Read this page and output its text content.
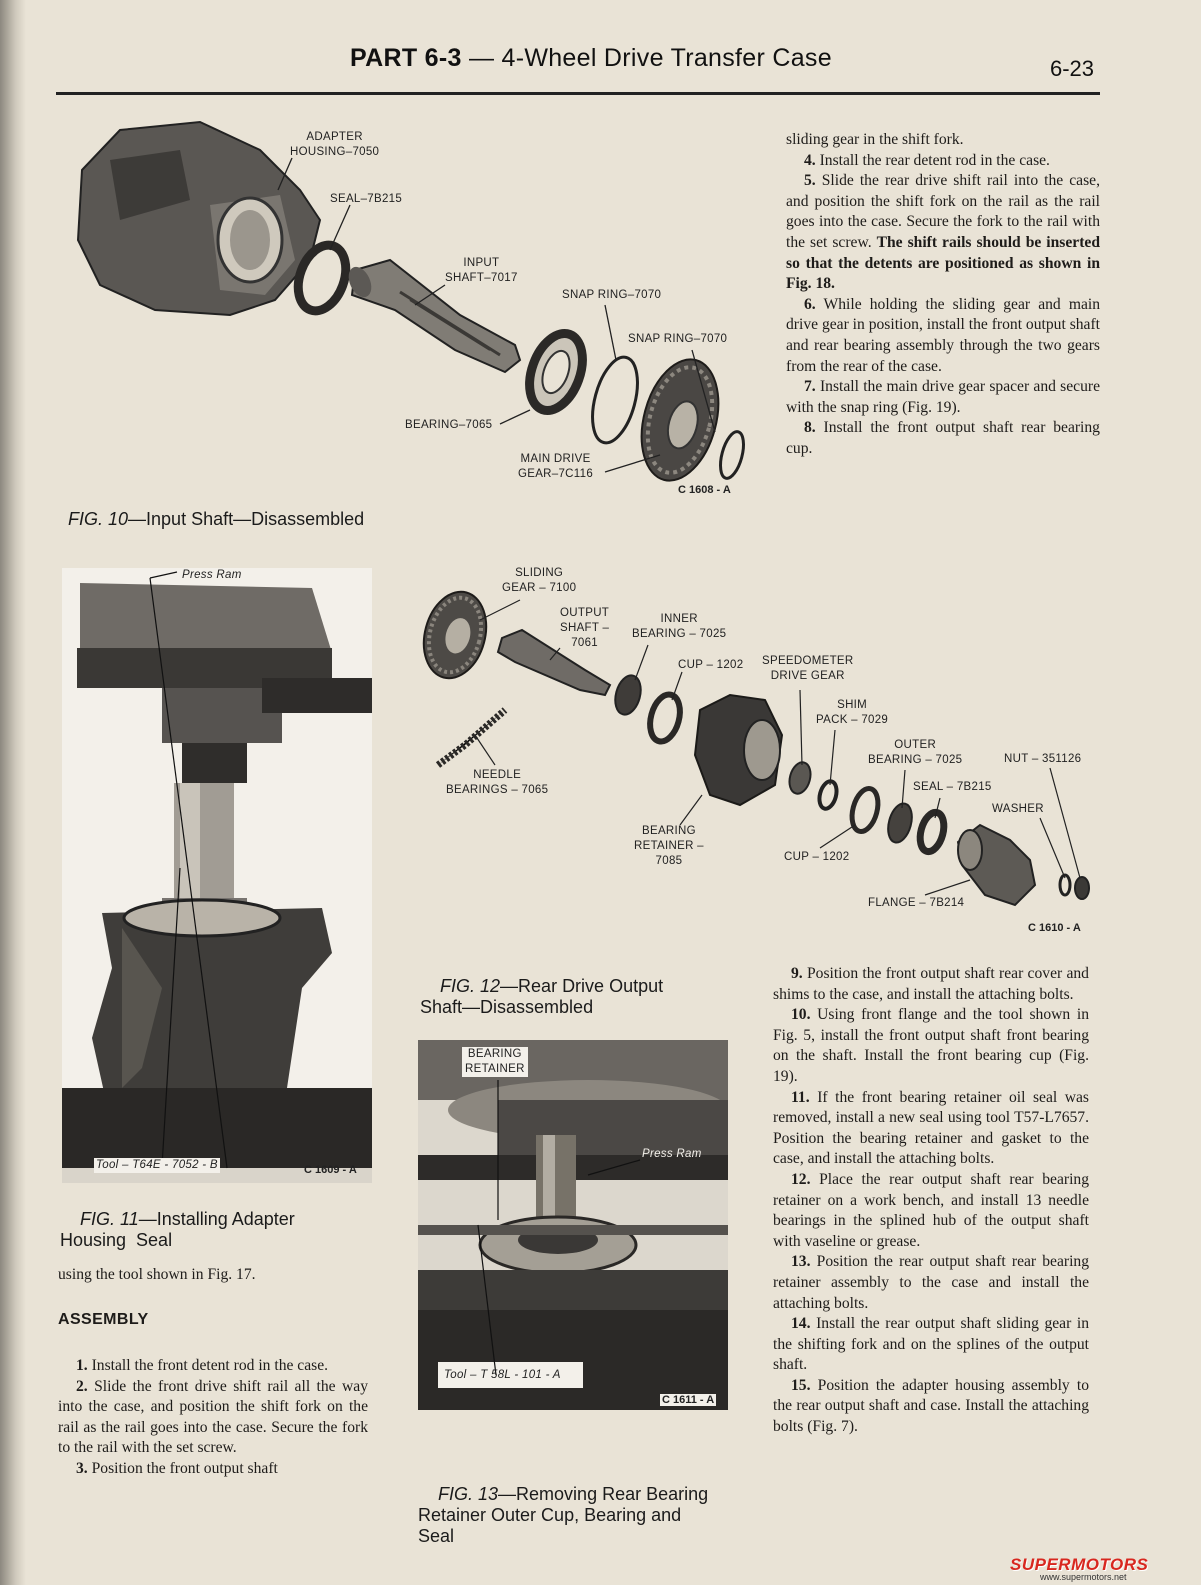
PART 6-3 — 4-Wheel Drive Transfer Case	6-23
ADAPTER
HOUSING–7050
SEAL–7B215
INPUT
SHAFT–7017
SNAP RING–7070
SNAP RING–7070
BEARING–7065
MAIN DRIVE
GEAR–7C116
C 1608 - A
FIG. 10—Input Shaft—Disassembled
Press Ram
Tool – T64E - 7052 - B	C 1609 - A

FIG. 11—Installing Adapter
Housing  Seal

using the tool shown in Fig. 17.
ASSEMBLY

1. Install the front detent rod in the case.

2. Slide the front drive shift rail all the way into the case, and position the shift fork on the rail as the rail goes into the case. Secure the fork to the rail with the set screw.

3. Position the front output shaft

sliding gear in the shift fork.

4. Install the rear detent rod in the case.

5. Slide the rear drive shift rail into the case, and position the shift fork on the rail as the rail goes into the case. Secure the fork to the rail with the set screw. The shift rails should be inserted so that the detents are positioned as shown in Fig. 18.

6. While holding the sliding gear and main drive gear in position, install the front output shaft and rear bearing assembly through the two gears from the rear of the case.

7. Install the main drive gear spacer and secure with the snap ring (Fig. 19).

8. Install the front output shaft rear bearing cup.

SLIDING
GEAR – 7100
OUTPUT
SHAFT –
7061
INNER
BEARING – 7025
CUP – 1202 SPEEDOMETER
DRIVE GEAR
SHIM
PACK – 7029
OUTER
BEARING – 7025	NUT – 351126
SEAL – 7B215
WASHER
NEEDLE
BEARINGS – 7065
BEARING
RETAINER –
7085	CUP – 1202
FLANGE – 7B214
C 1610 - A

FIG. 12—Rear Drive Output
Shaft—Disassembled

BEARING
RETAINER
Press Ram
Tool – T 58L - 101 - A
C 1611 - A

FIG. 13—Removing Rear Bearing
Retainer Outer Cup, Bearing and
Seal

9. Position the front output shaft rear cover and shims to the case, and install the attaching bolts.

10. Using front flange and the tool shown in Fig. 5, install the front output shaft front bearing on the shaft. Install the front bearing cup (Fig. 19).

11. If the front bearing retainer oil seal was removed, install a new seal using tool T57-L7657. Position the bearing retainer and gasket to the case, and install the attaching bolts.

12. Place the rear output shaft rear bearing retainer on a work bench, and install 13 needle bearings in the splined hub of the output shaft with vaseline or grease.

13. Position the rear output shaft rear bearing retainer assembly to the case and install the attaching bolts.

14. Install the rear output shaft sliding gear in the shifting fork and on the splines of the output shaft.

15. Position the adapter housing assembly to the rear output shaft and case. Install the attaching bolts (Fig. 7).

SUPERMOTORS
www.supermotors.net
